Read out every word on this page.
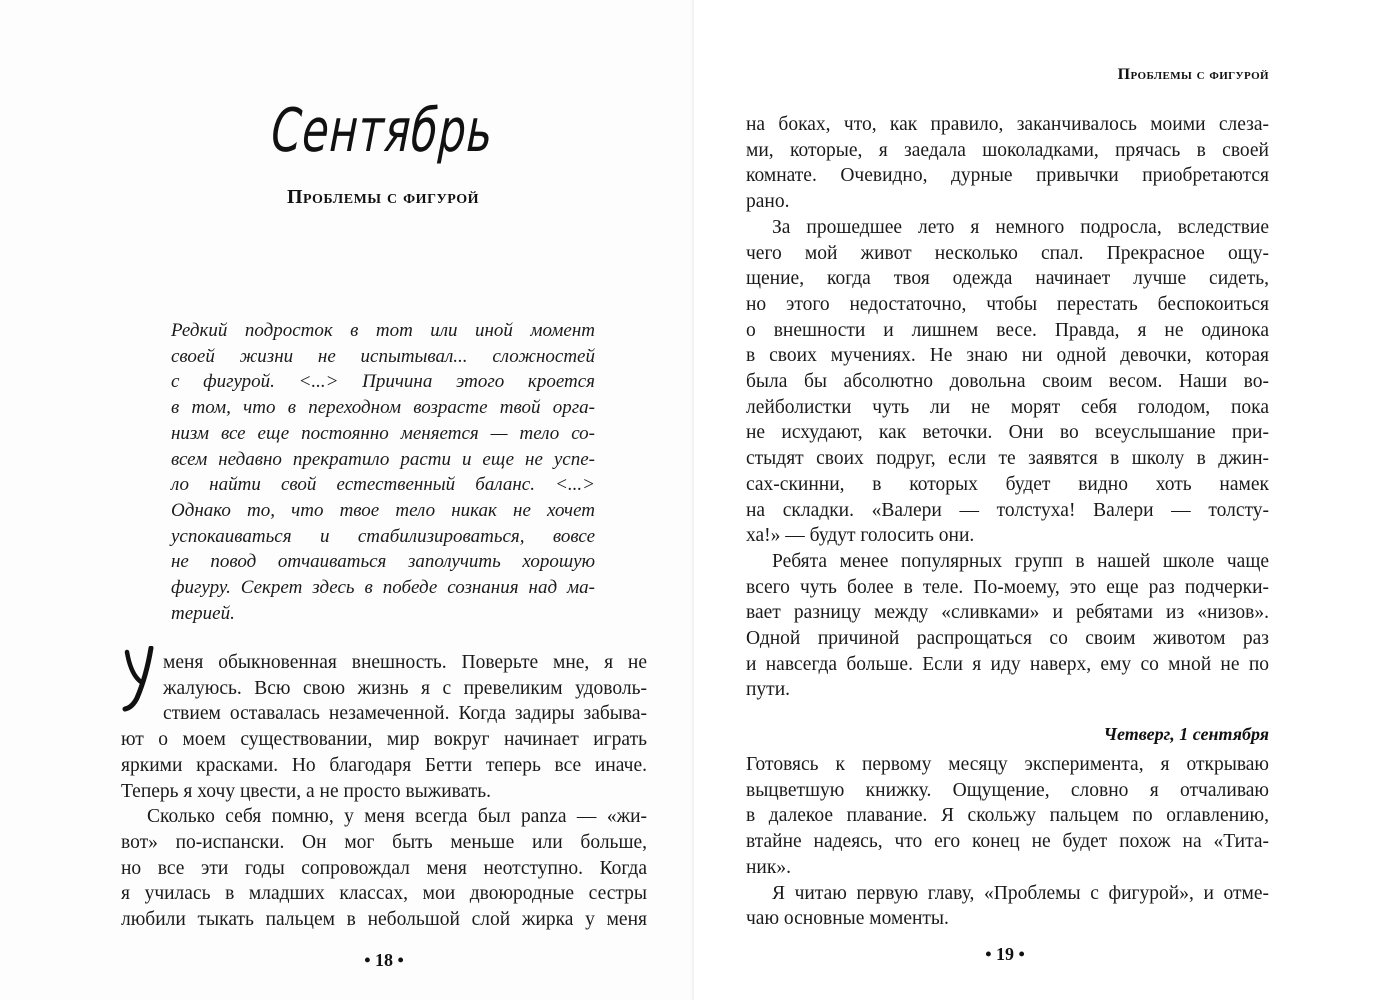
Сентябрь
Проблемы с фигурой
Редкий подросток в тот или иной момент
своей жизни не испытывал... сложностей
с фигурой. <...> Причина этого кроется
в том, что в переходном возрасте твой орга-
низм все еще постоянно меняется — тело со-
всем недавно прекратило расти и еще не успе-
ло найти свой естественный баланс. <...>
Однако то, что твое тело никак не хочет
успокаиваться и стабилизироваться, вовсе
не повод отчаиваться заполучить хорошую
фигуру. Секрет здесь в победе сознания над ма-
терией.
меня обыкновенная внешность. Поверьте мне, я не
жалуюсь. Всю свою жизнь я с превеликим удоволь-
ствием оставалась незамеченной. Когда задиры забыва-
ют о моем существовании, мир вокруг начинает играть
яркими красками. Но благодаря Бетти теперь все иначе.
Теперь я хочу цвести, а не просто выживать.
Сколько себя помню, у меня всегда был panza — «жи-
вот» по-испански. Он мог быть меньше или больше,
но все эти годы сопровождал меня неотступно. Когда
я училась в младших классах, мои двоюродные сестры
любили тыкать пальцем в небольшой слой жирка у меня
• 18 •
Проблемы с фигурой
на боках, что, как правило, заканчивалось моими слеза-
ми, которые, я заедала шоколадками, прячась в своей
комнате. Очевидно, дурные привычки приобретаются
рано.
За прошедшее лето я немного подросла, вследствие
чего мой живот несколько спал. Прекрасное ощу-
щение, когда твоя одежда начинает лучше сидеть,
но этого недостаточно, чтобы перестать беспокоиться
о внешности и лишнем весе. Правда, я не одинока
в своих мучениях. Не знаю ни одной девочки, которая
была бы абсолютно довольна своим весом. Наши во-
лейболистки чуть ли не морят себя голодом, пока
не исхудают, как веточки. Они во всеуслышание при-
стыдят своих подруг, если те заявятся в школу в джин-
сах-скинни, в которых будет видно хоть намек
на складки. «Валери — толстуха! Валери — толсту-
ха!» — будут голосить они.
Ребята менее популярных групп в нашей школе чаще
всего чуть более в теле. По-моему, это еще раз подчерки-
вает разницу между «сливками» и ребятами из «низов».
Одной причиной распрощаться со своим животом раз
и навсегда больше. Если я иду наверх, ему со мной не по
пути.
Четверг, 1 сентября
Готовясь к первому месяцу эксперимента, я открываю
выцветшую книжку. Ощущение, словно я отчаливаю
в далекое плавание. Я скольжу пальцем по оглавлению,
втайне надеясь, что его конец не будет похож на «Тита-
ник».
Я читаю первую главу, «Проблемы с фигурой», и отме-
чаю основные моменты.
• 19 •
